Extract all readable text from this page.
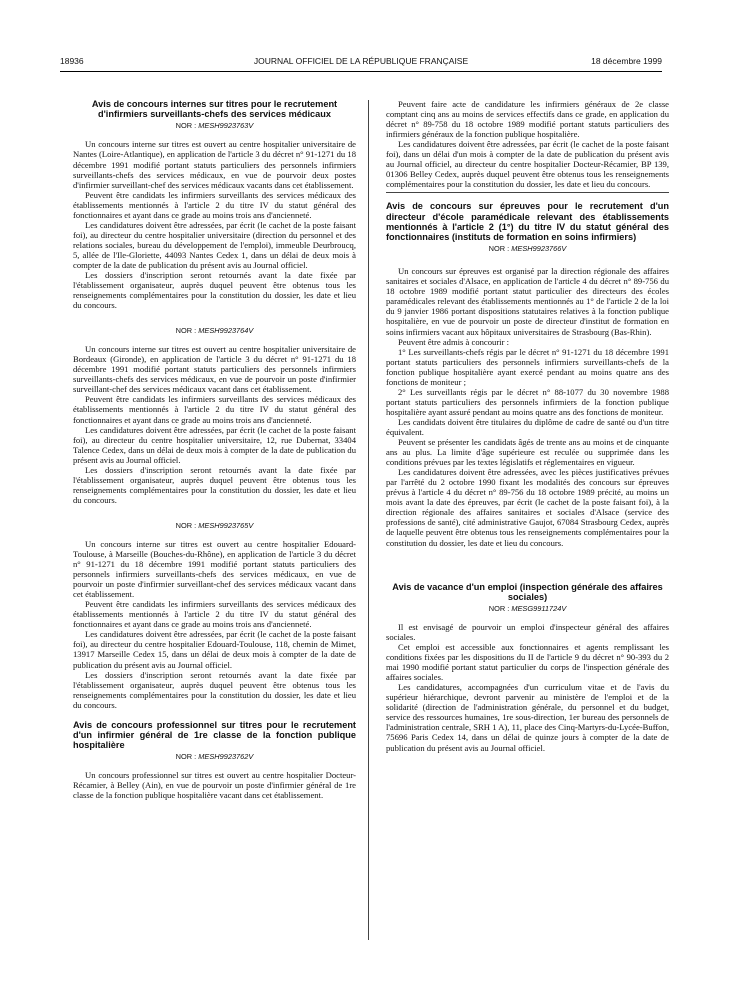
18936	JOURNAL OFFICIEL DE LA RÉPUBLIQUE FRANÇAISE	18 décembre 1999
Avis de concours internes sur titres pour le recrutement d'infirmiers surveillants-chefs des services médicaux
NOR : MESH9923763V

Un concours interne sur titres est ouvert au centre hospitalier universitaire de Nantes (Loire-Atlantique), en application de l'article 3 du décret n° 91-1271 du 18 décembre 1991 modifié portant statuts particuliers des personnels infirmiers surveillants-chefs des services médicaux, en vue de pourvoir deux postes d'infirmier surveillant-chef des services médicaux vacants dans cet établissement.

Peuvent être candidats les infirmiers surveillants des services médicaux des établissements mentionnés à l'article 2 du titre IV du statut général des fonctionnaires et ayant dans ce grade au moins trois ans d'ancienneté.

Les candidatures doivent être adressées, par écrit (le cachet de la poste faisant foi), au directeur du centre hospitalier universitaire (direction du personnel et des relations sociales, bureau du développement de l'emploi), immeuble Deurbroucq, 5, allée de l'Ile-Gloriette, 44093 Nantes Cedex 1, dans un délai de deux mois à compter de la date de publication du présent avis au Journal officiel.

Les dossiers d'inscription seront retournés avant la date fixée par l'établissement organisateur, auprès duquel peuvent être obtenus tous les renseignements complémentaires pour la constitution du dossier, les date et lieu du concours.

NOR : MESH9923764V

Un concours interne sur titres est ouvert au centre hospitalier universitaire de Bordeaux (Gironde), en application de l'article 3 du décret n° 91-1271 du 18 décembre 1991 modifié portant statuts particuliers des personnels infirmiers surveillants-chefs des services médicaux, en vue de pourvoir un poste d'infirmier surveillant-chef des services médicaux vacant dans cet établissement.

Peuvent être candidats les infirmiers surveillants des services médicaux des établissements mentionnés à l'article 2 du titre IV du statut général des fonctionnaires et ayant dans ce grade au moins trois ans d'ancienneté.

Les candidatures doivent être adressées, par écrit (le cachet de la poste faisant foi), au directeur du centre hospitalier universitaire, 12, rue Dubernat, 33404 Talence Cedex, dans un délai de deux mois à compter de la date de publication du présent avis au Journal officiel.

Les dossiers d'inscription seront retournés avant la date fixée par l'établissement organisateur, auprès duquel peuvent être obtenus tous les renseignements complémentaires pour la constitution du dossier, les date et lieu du concours.

NOR : MESH9923765V

Un concours interne sur titres est ouvert au centre hospitalier Edouard-Toulouse, à Marseille (Bouches-du-Rhône), en application de l'article 3 du décret n° 91-1271 du 18 décembre 1991 modifié portant statuts particuliers des personnels infirmiers surveillants-chefs des services médicaux, en vue de pourvoir un poste d'infirmier surveillant-chef des services médicaux vacant dans cet établissement.

Peuvent être candidats les infirmiers surveillants des services médicaux des établissements mentionnés à l'article 2 du titre IV du statut général des fonctionnaires et ayant dans ce grade au moins trois ans d'ancienneté.

Les candidatures doivent être adressées, par écrit (le cachet de la poste faisant foi), au directeur du centre hospitalier Edouard-Toulouse, 118, chemin de Mimet, 13917 Marseille Cedex 15, dans un délai de deux mois à compter de la date de publication du présent avis au Journal officiel.

Les dossiers d'inscription seront retournés avant la date fixée par l'établissement organisateur, auprès duquel peuvent être obtenus tous les renseignements complémentaires pour la constitution du dossier, les date et lieu du concours.

Avis de concours professionnel sur titres pour le recrutement d'un infirmier général de 1re classe de la fonction publique hospitalière
NOR : MESH9923762V

Un concours professionnel sur titres est ouvert au centre hospitalier Docteur-Récamier, à Belley (Ain), en vue de pourvoir un poste d'infirmier général de 1re classe de la fonction publique hospitalière vacant dans cet établissement.

Peuvent faire acte de candidature les infirmiers généraux de 2e classe comptant cinq ans au moins de services effectifs dans ce grade, en application du décret n° 89-758 du 18 octobre 1989 modifié portant statuts particuliers des infirmiers généraux de la fonction publique hospitalière.

Les candidatures doivent être adressées, par écrit (le cachet de la poste faisant foi), dans un délai d'un mois à compter de la date de publication du présent avis au Journal officiel, au directeur du centre hospitalier Docteur-Récamier, BP 139, 01306 Belley Cedex, auprès duquel peuvent être obtenus tous les renseignements complémentaires pour la constitution du dossier, les date et lieu du concours.

Avis de concours sur épreuves pour le recrutement d'un directeur d'école paramédicale relevant des établissements mentionnés à l'article 2 (1°) du titre IV du statut général des fonctionnaires (instituts de formation en soins infirmiers)
NOR : MESH9923766V

Un concours sur épreuves est organisé par la direction régionale des affaires sanitaires et sociales d'Alsace, en application de l'article 4 du décret n° 89-756 du 18 octobre 1989 modifié portant statut particulier des directeurs des écoles paramédicales relevant des établissements mentionnés au 1° de l'article 2 de la loi du 9 janvier 1986 portant dispositions statutaires relatives à la fonction publique hospitalière, en vue de pourvoir un poste de directeur d'institut de formation en soins infirmiers vacant aux hôpitaux universitaires de Strasbourg (Bas-Rhin).

Peuvent être admis à concourir :

1° Les surveillants-chefs régis par le décret n° 91-1271 du 18 décembre 1991 portant statuts particuliers des personnels infirmiers surveillants-chefs de la fonction publique hospitalière ayant exercé pendant au moins quatre ans des fonctions de moniteur ;

2° Les surveillants régis par le décret n° 88-1077 du 30 novembre 1988 portant statuts particuliers des personnels infirmiers de la fonction publique hospitalière ayant assuré pendant au moins quatre ans des fonctions de moniteur.

Les candidats doivent être titulaires du diplôme de cadre de santé ou d'un titre équivalent.

Peuvent se présenter les candidats âgés de trente ans au moins et de cinquante ans au plus. La limite d'âge supérieure est reculée ou supprimée dans les conditions prévues par les textes législatifs et réglementaires en vigueur.

Les candidatures doivent être adressées, avec les pièces justificatives prévues par l'arrêté du 2 octobre 1990 fixant les modalités des concours sur épreuves prévus à l'article 4 du décret n° 89-756 du 18 octobre 1989 précité, au moins un mois avant la date des épreuves, par écrit (le cachet de la poste faisant foi), à la direction régionale des affaires sanitaires et sociales d'Alsace (service des professions de santé), cité administrative Gaujot, 67084 Strasbourg Cedex, auprès de laquelle peuvent être obtenus tous les renseignements complémentaires pour la constitution du dossier, les date et lieu du concours.

Avis de vacance d'un emploi (inspection générale des affaires sociales)
NOR : MESG9911724V

Il est envisagé de pourvoir un emploi d'inspecteur général des affaires sociales.

Cet emploi est accessible aux fonctionnaires et agents remplissant les conditions fixées par les dispositions du II de l'article 9 du décret n° 90-393 du 2 mai 1990 modifié portant statut particulier du corps de l'inspection générale des affaires sociales.

Les candidatures, accompagnées d'un curriculum vitae et de l'avis du supérieur hiérarchique, devront parvenir au ministère de l'emploi et de la solidarité (direction de l'administration générale, du personnel et du budget, service des ressources humaines, 1re sous-direction, 1er bureau des personnels de l'administration centrale, SRH 1 A), 11, place des Cinq-Martyrs-du-Lycée-Buffon, 75696 Paris Cedex 14, dans un délai de quinze jours à compter de la date de publication du présent avis au Journal officiel.
